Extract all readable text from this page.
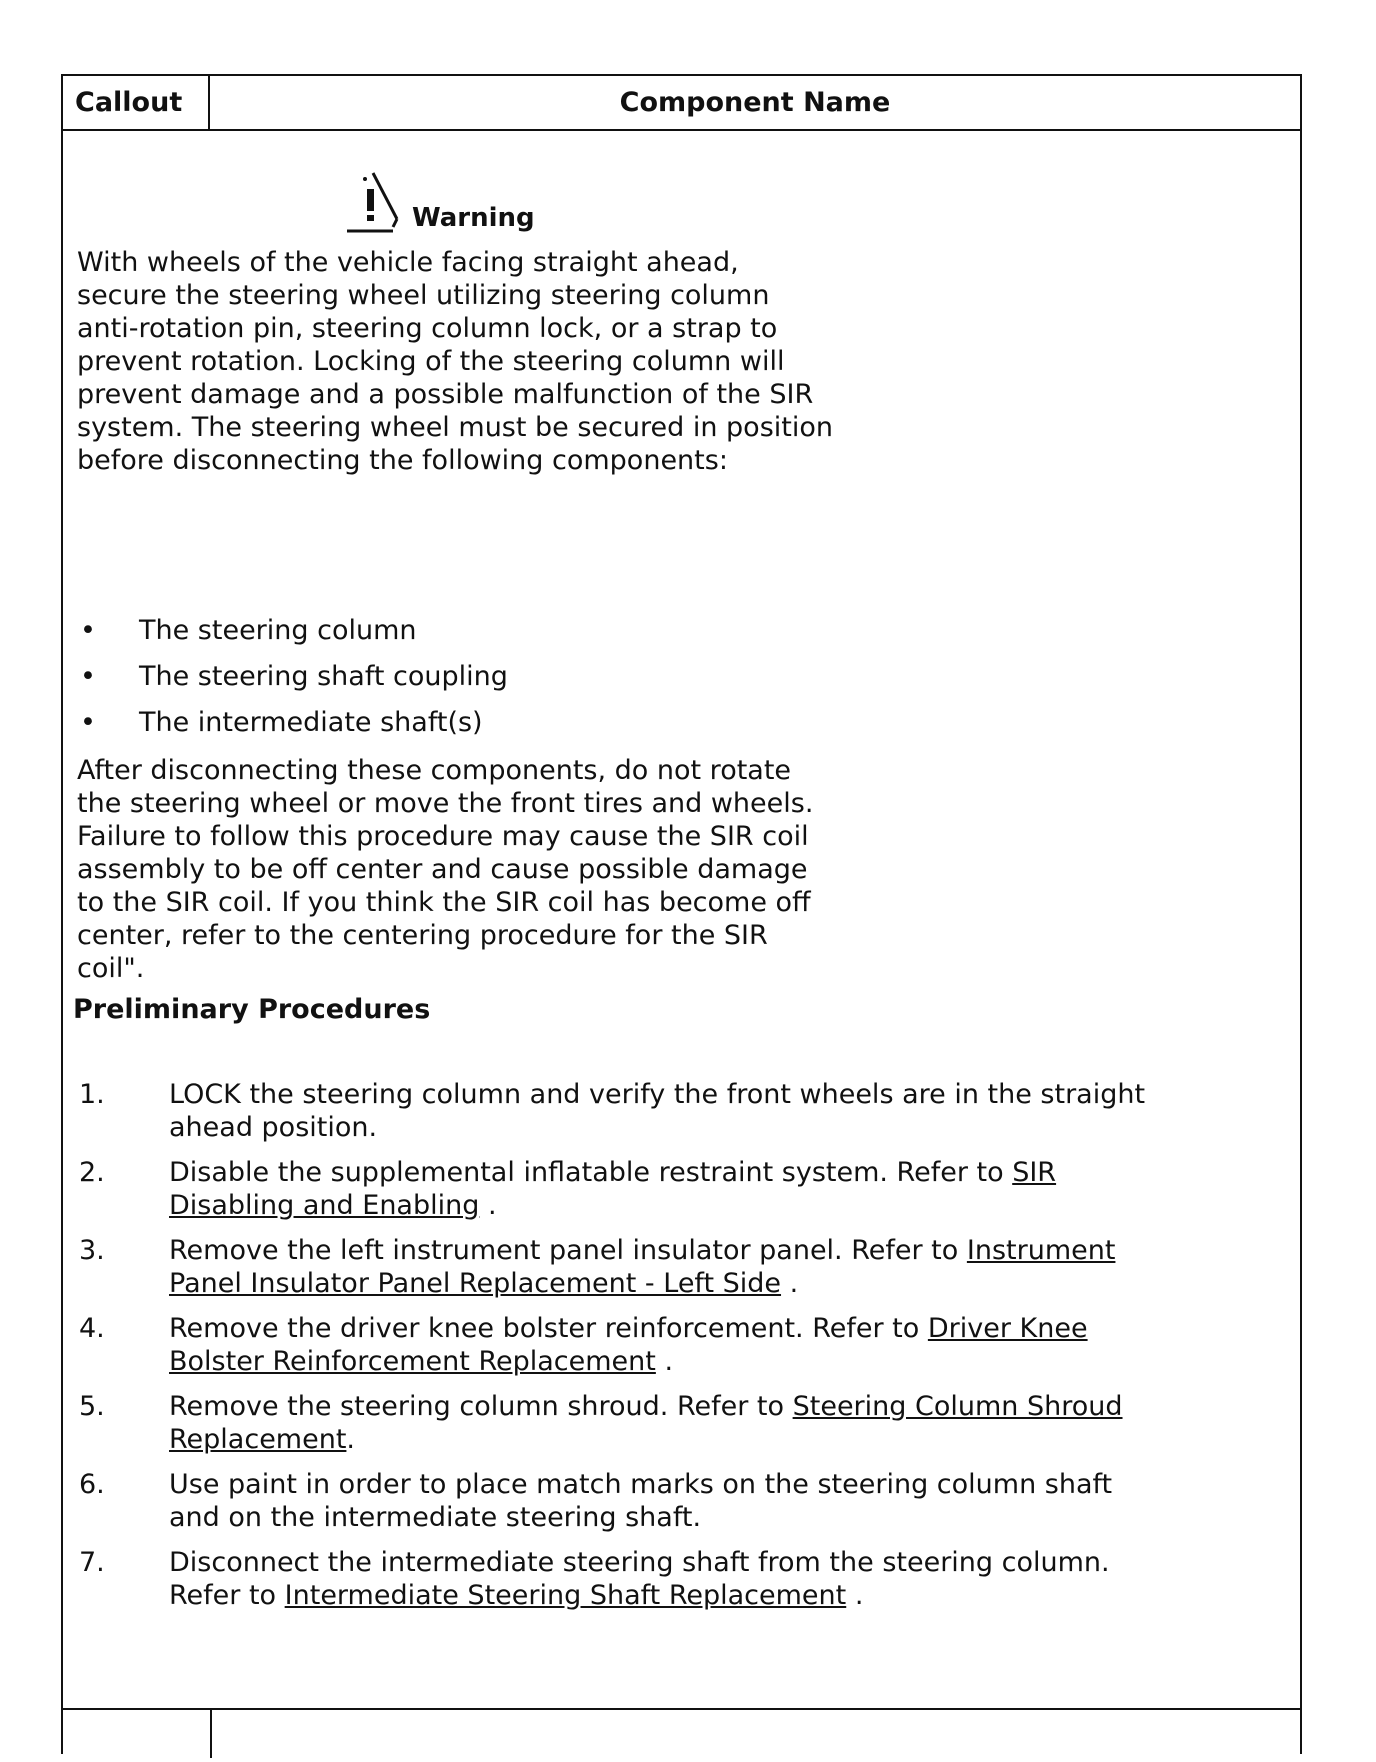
Callout	Component Name
Warning

With wheels of the vehicle facing straight ahead, secure the steering wheel utilizing steering column anti-rotation pin, steering column lock, or a strap to prevent rotation. Locking of the steering column will prevent damage and a possible malfunction of the SIR system. The steering wheel must be secured in position before disconnecting the following components:

• The steering column
• The steering shaft coupling
• The intermediate shaft(s)

After disconnecting these components, do not rotate the steering wheel or move the front tires and wheels. Failure to follow this procedure may cause the SIR coil assembly to be off center and cause possible damage to the SIR coil. If you think the SIR coil has become off center, refer to the centering procedure for the SIR coil".

Preliminary Procedures
1. LOCK the steering column and verify the front wheels are in the straight ahead position.
2. Disable the supplemental inflatable restraint system. Refer to SIR Disabling and Enabling .
3. Remove the left instrument panel insulator panel. Refer to Instrument Panel Insulator Panel Replacement - Left Side .
4. Remove the driver knee bolster reinforcement. Refer to Driver Knee Bolster Reinforcement Replacement .
5. Remove the steering column shroud. Refer to Steering Column Shroud Replacement.
6. Use paint in order to place match marks on the steering column shaft and on the intermediate steering shaft.
7. Disconnect the intermediate steering shaft from the steering column. Refer to Intermediate Steering Shaft Replacement .
